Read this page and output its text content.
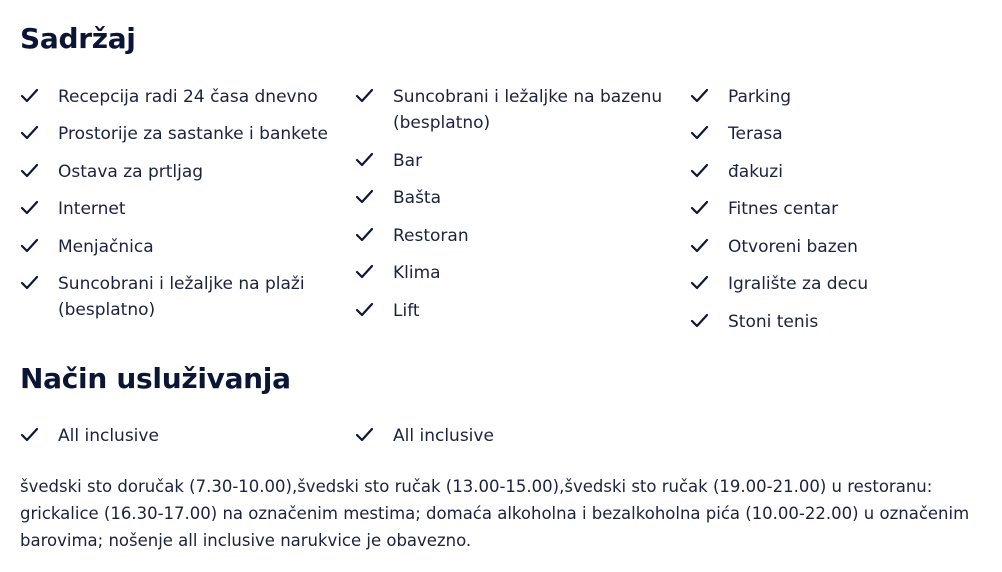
Sadržaj
Recepcija radi 24 časa dnevno
Prostorije za sastanke i bankete
Ostava za prtljag
Internet
Menjačnica
Suncobrani i ležaljke na plaži
(besplatno)
Suncobrani i ležaljke na bazenu
(besplatno)
Bar
Bašta
Restoran
Klima
Lift
Parking
Terasa
đakuzi
Fitnes centar
Otvoreni bazen
Igralište za decu
Stoni tenis
Način usluživanja
All inclusive	All inclusive

švedski sto doručak (7.30-10.00),švedski sto ručak (13.00-15.00),švedski sto ručak (19.00-21.00) u restoranu: grickalice (16.30-17.00) na označenim mestima; domaća alkoholna i bezalkoholna pića (10.00-22.00) u označenim barovima; nošenje all inclusive narukvice je obavezno.
